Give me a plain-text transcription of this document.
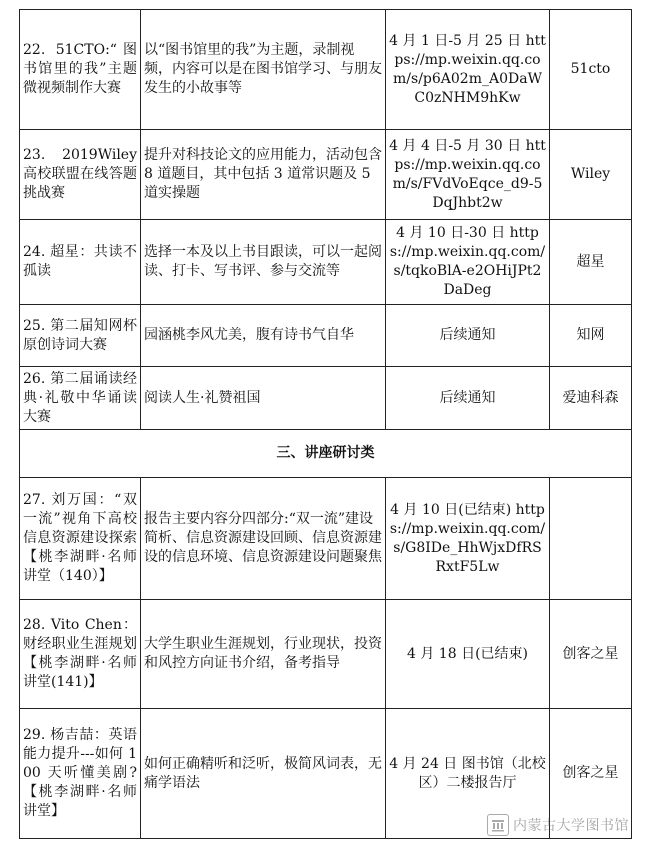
22. 51CTO:“图书馆里的我”主题微视频制作大赛	以“图书馆里的我”为主题，录制视频，内容可以是在图书馆学习、与朋友发生的小故事等	4 月 1 日-5 月 25 日 https://mp.weixin.qq.com/s/p6A02m_A0DaWC0zNHM9hKw	51cto
23. 2019Wiley 高校联盟在线答题挑战赛	提升对科技论文的应用能力，活动包含 8 道题目，其中包括 3 道常识题及 5 道实操题	4 月 4 日-5 月 30 日 https://mp.weixin.qq.com/s/FVdVoEqce_d9-5DqJhbt2w	Wiley
24. 超星：共读不孤读	选择一本及以上书目跟读，可以一起阅读、打卡、写书评、参与交流等	4 月 10 日-30 日 https://mp.weixin.qq.com/s/tqkoBlA-e2OHiJPt2DaDeg	超星
25. 第二届知网杯原创诗词大赛	园涵桃李风尤美，腹有诗书气自华	后续通知	知网
26. 第二届诵读经典·礼敬中华诵读大赛	阅读人生·礼赞祖国	后续通知	爱迪科森
三、讲座研讨类			
27. 刘万国：“双一流”视角下高校信息资源建设探索【桃李湖畔·名师讲堂（140）】	报告主要内容分四部分:“双一流”建设简析、信息资源建设回顾、信息资源建设的信息环境、信息资源建设问题聚焦	4 月 10 日(已结束) https://mp.weixin.qq.com/s/G8IDe_HhWjxDfRSRxtF5Lw	
28. Vito Chen：财经职业生涯规划【桃李湖畔·名师讲堂(141)】	大学生职业生涯规划，行业现状，投资和风控方向证书介绍，备考指导	4 月 18 日(已结束)	创客之星
29. 杨吉喆：英语能力提升---如何 100 天听懂美剧?【桃李湖畔·名师讲堂】	如何正确精听和泛听，极简风词表，无痛学语法	4 月 24 日 图书馆（北校区）二楼报告厅	创客之星
内蒙古大学图书馆
